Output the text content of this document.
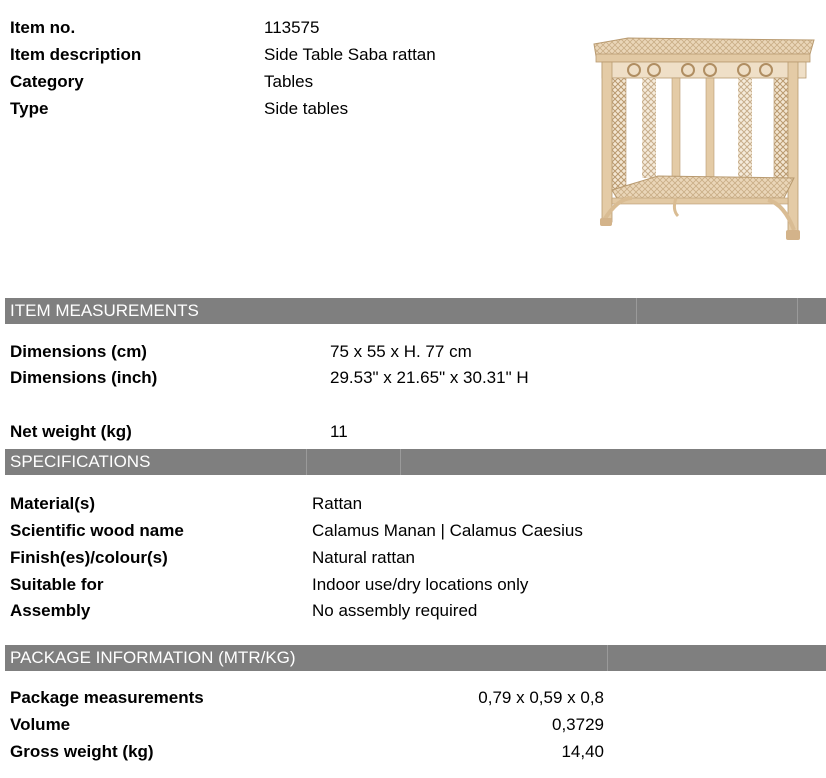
Item no.	113575
Item description	Side Table Saba rattan
Category	Tables
Type	Side tables
ITEM MEASUREMENTS
Dimensions (cm)	75 x 55 x H. 77 cm
Dimensions (inch)	29.53" x 21.65" x 30.31" H
Net weight (kg)	11
SPECIFICATIONS
Material(s)	Rattan
Scientific wood name	Calamus Manan | Calamus Caesius
Finish(es)/colour(s)	Natural rattan
Suitable for	Indoor use/dry locations only
Assembly	No assembly required
PACKAGE INFORMATION (MTR/KG)
Package measurements	0,79 x 0,59 x 0,8
Volume	0,3729
Gross weight (kg)	14,40
